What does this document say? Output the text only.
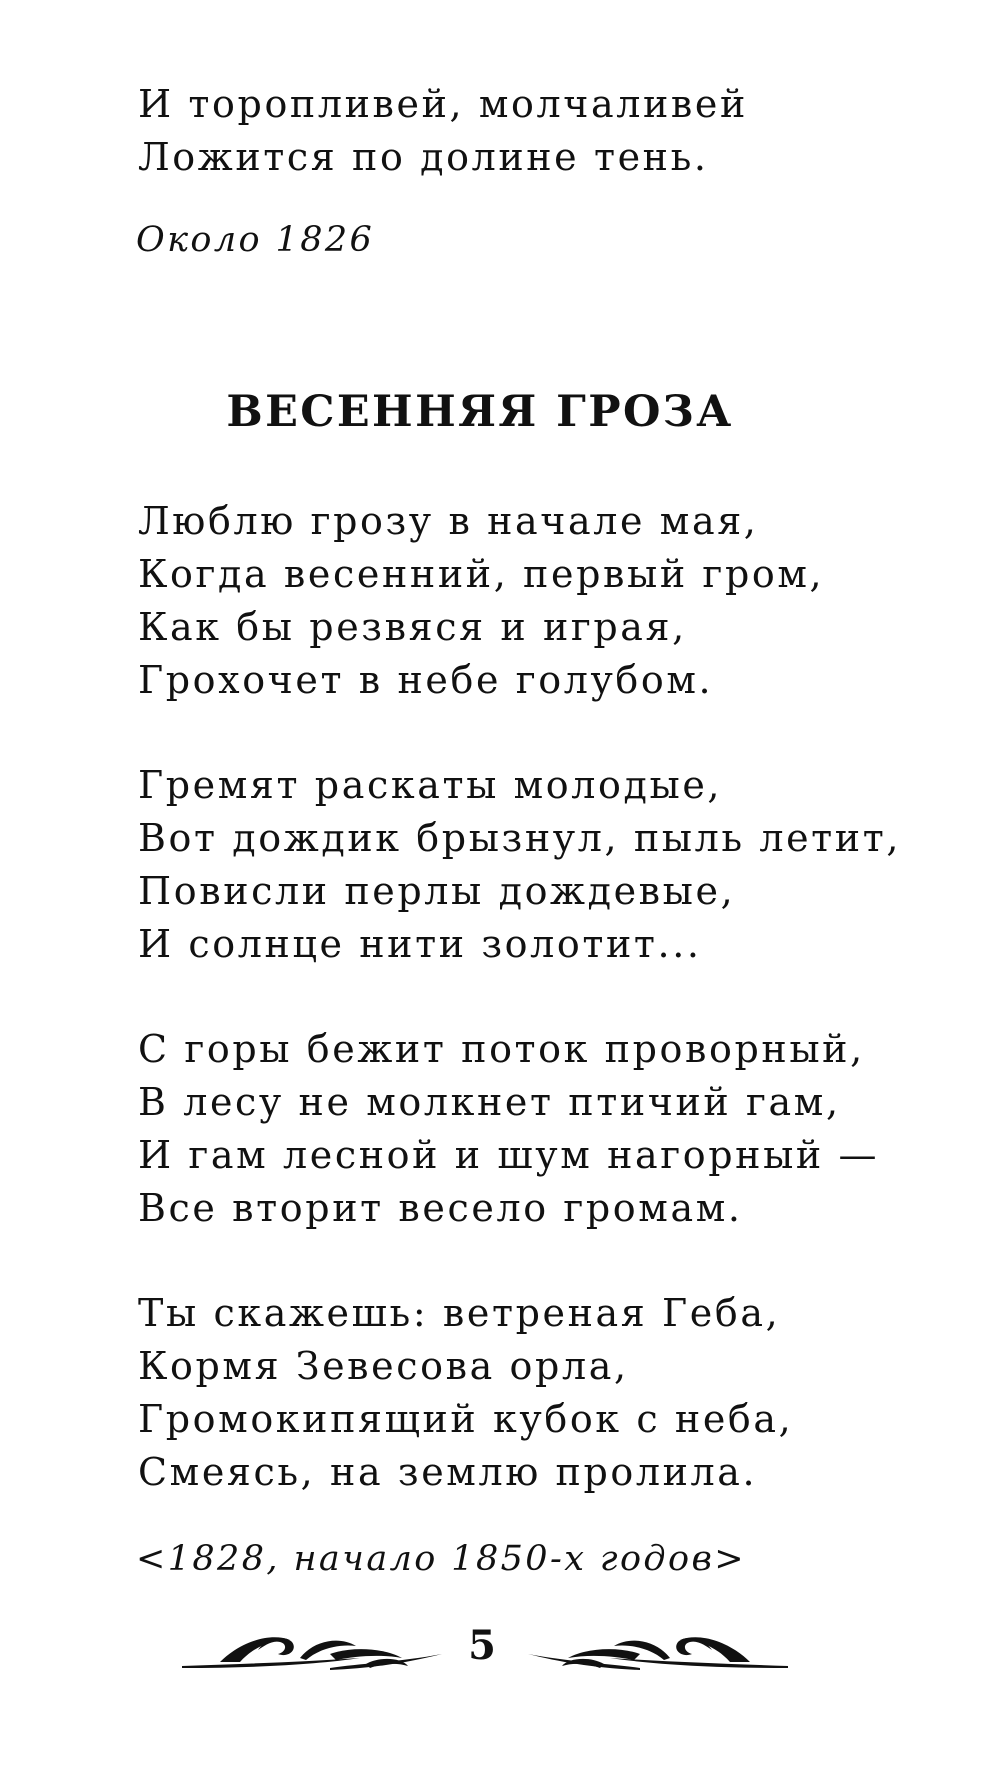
И торопливей, молчаливей
Ложится по долине тень.
Около 1826
ВЕСЕННЯЯ ГРОЗА
Люблю грозу в начале мая,
Когда весенний, первый гром,
Как бы резвяся и играя,
Грохочет в небе голубом.
Гремят раскаты молодые,
Вот дождик брызнул, пыль летит,
Повисли перлы дождевые,
И солнце нити золотит...
С горы бежит поток проворный,
В лесу не молкнет птичий гам,
И гам лесной и шум нагорный —
Все вторит весело громам.
Ты скажешь: ветреная Геба,
Кормя Зевесова орла,
Громокипящий кубок с неба,
Смеясь, на землю пролила.
<1828, начало 1850-х годов>
5
